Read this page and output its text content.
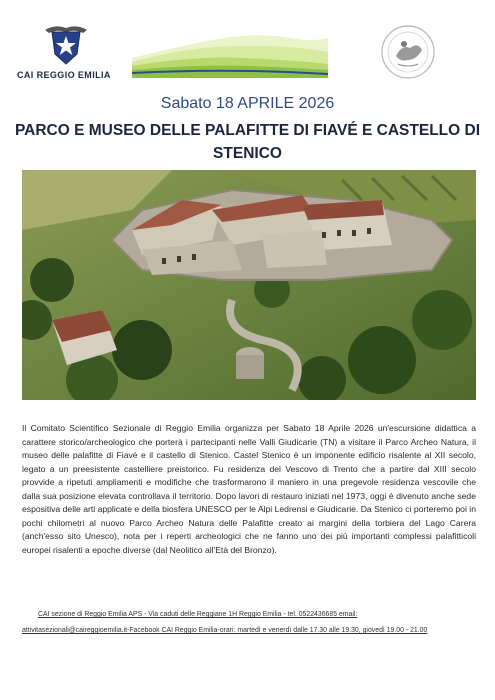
CAI REGGIO EMILIA
Sabato 18 APRILE 2026
PARCO E MUSEO DELLE PALAFITTE DI FIAVÉ E CASTELLO DI STENICO

Il Comitato Scientifico Sezionale di Reggio Emilia organizza per Sabato 18 Aprile 2026 un'escursione didattica a carattere storico/archeologico che porterà i partecipanti nelle Valli Giudicarie (TN) a visitare il Parco Archeo Natura, il museo delle palafitte di Fiavè e il castello di Stenico. Castel Stenico è un imponente edificio risalente al XII secolo, legato a un preesistente castelliere preistorico. Fu residenza del Vescovo di Trento che a partire dal XIII secolo provvide a ripetuti ampliamenti e modifiche che trasformarono il maniero in una pregevole residenza vescovile che dalla sua posizione elevata controllava il territorio. Dopo lavori di restauro iniziati nel 1973, oggi è divenuto anche sede espositiva delle arti applicate e della biosfera UNESCO per le Alpi Ledrensi e Giudicarie. Da Stenico ci porteremo poi in pochi chilometri al nuovo Parco Archeo Natura delle Palafitte creato ai margini della torbiera del Lago Carera (anch'esso sito Unesco), nota per i reperti archeologici che ne fanno uno dei più importanti complessi palafitticoli europei risalenti a epoche diverse (dal Neolitico all'Età del Bronzo).

CAI sezione di Reggio Emilia APS - Via caduti delle Reggiane 1H Reggio Emilia - tel. 0522436685 email:
attivitasezionali@caireggioemilia.it-Facebook CAI Reggio Emilia-orari: martedì e venerdì dalle 17.30 alle 19.30, giovedì 19.00 - 21.00
